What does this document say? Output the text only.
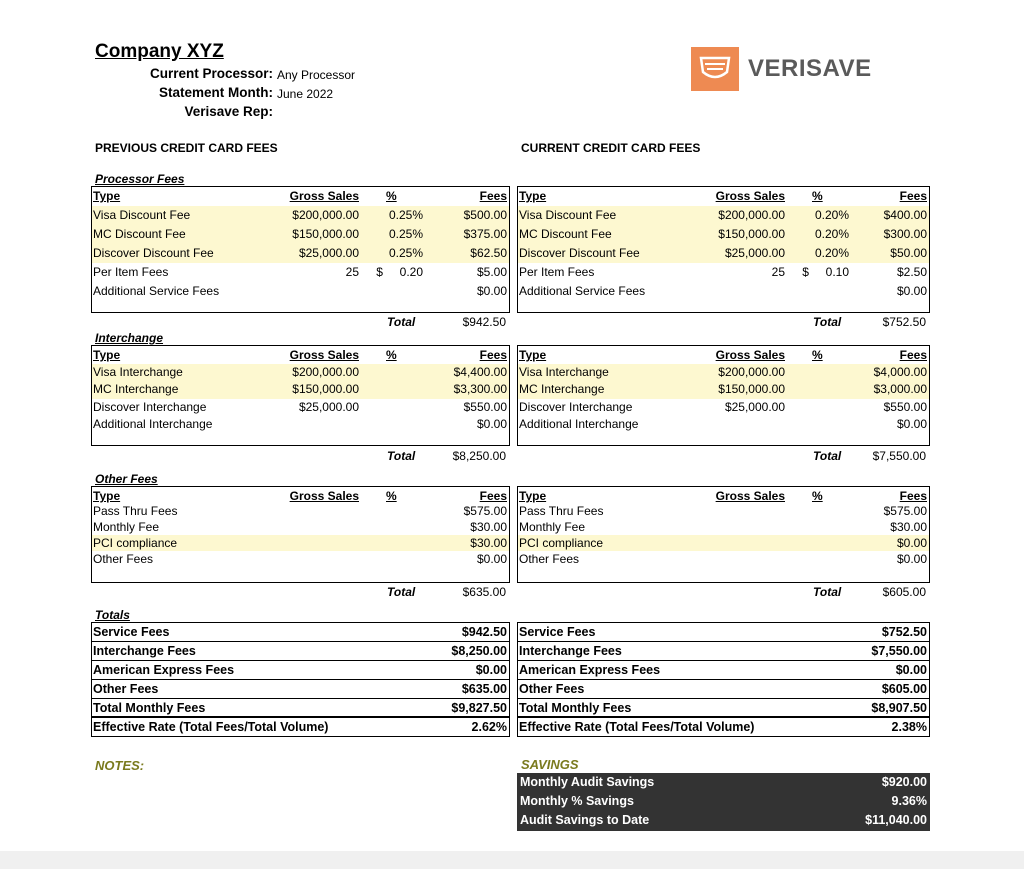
Company XYZ
Current Processor: Any Processor
Statement Month: June 2022
Verisave Rep:
VERISAVE
PREVIOUS CREDIT CARD FEES	CURRENT CREDIT CARD FEES
Processor Fees
Interchange
Other Fees
Totals
Type	Gross Sales %	Fees
Visa Discount Fee	$200,000.00 0.25%	$500.00
MC Discount Fee	$150,000.00 0.25%	$375.00
Discover Discount Fee	$25,000.00 0.25%	$62.50
Per Item Fees	25 $     0.20	$5.00
Additional Service Fees	$0.00
Total	$942.50
Type	Gross Sales %	Fees
Visa Discount Fee	$200,000.00 0.20%	$400.00
MC Discount Fee	$150,000.00 0.20%	$300.00
Discover Discount Fee	$25,000.00 0.20%	$50.00
Per Item Fees	25 $     0.10	$2.50
Additional Service Fees	$0.00
Total	$752.50
Type	Gross Sales %	Fees
Visa Interchange	$200,000.00	$4,400.00
MC Interchange	$150,000.00	$3,300.00
Discover Interchange	$25,000.00	$550.00
Additional Interchange	$0.00
Total	$8,250.00
Type	Gross Sales %	Fees
Visa Interchange	$200,000.00	$4,000.00
MC Interchange	$150,000.00	$3,000.00
Discover Interchange	$25,000.00	$550.00
Additional Interchange	$0.00
Total	$7,550.00
Type	Gross Sales %	Fees
Pass Thru Fees	$575.00
Monthly Fee	$30.00
PCI compliance	$30.00
Other Fees	$0.00
Total	$635.00
Type	Gross Sales %	Fees
Pass Thru Fees	$575.00
Monthly Fee	$30.00
PCI compliance	$0.00
Other Fees	$0.00
Total	$605.00
Service Fees	$942.50
Interchange Fees	$8,250.00
American Express Fees	$0.00
Other Fees	$635.00
Total Monthly Fees	$9,827.50
Effective Rate (Total Fees/Total Volume)	2.62%
Service Fees	$752.50
Interchange Fees	$7,550.00
American Express Fees	$0.00
Other Fees	$605.00
Total Monthly Fees	$8,907.50
Effective Rate (Total Fees/Total Volume)	2.38%
NOTES:	SAVINGS
Monthly Audit Savings	$920.00
Monthly % Savings	9.36%
Audit Savings to Date	$11,040.00
